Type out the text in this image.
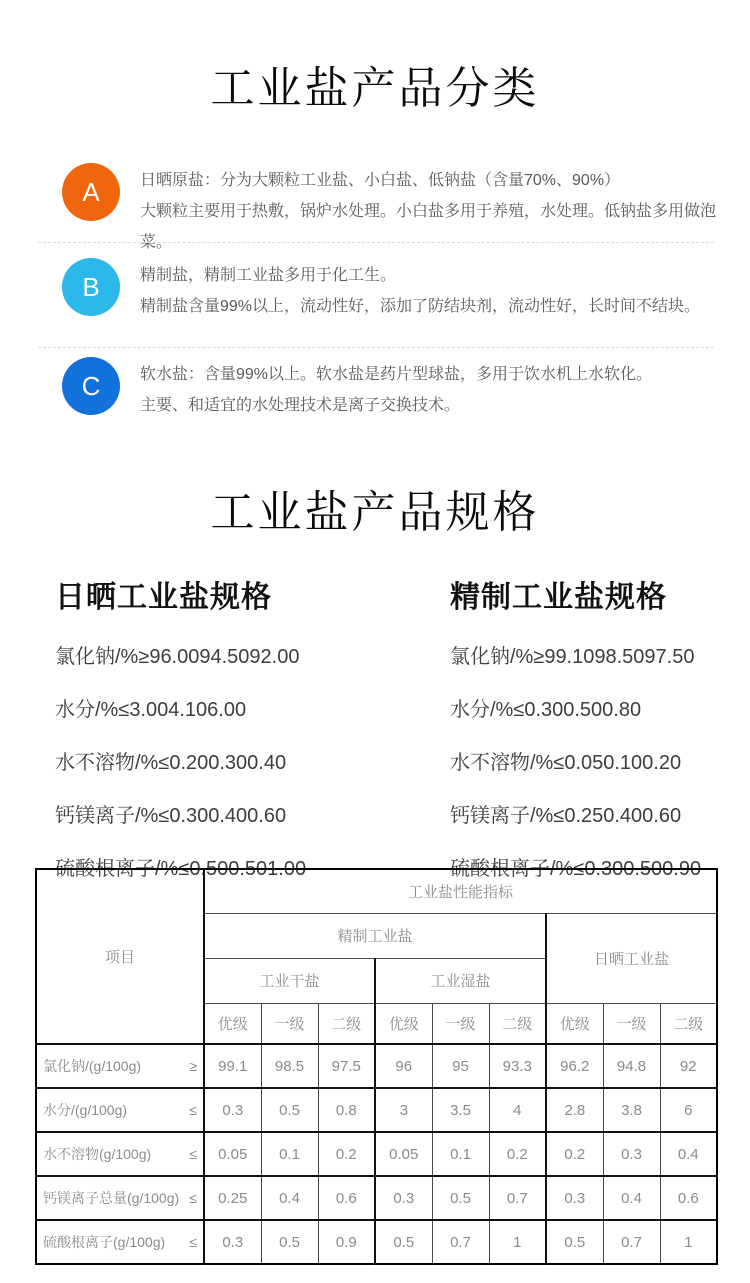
工业盐产品分类
A	日晒原盐：分为大颗粒工业盐、小白盐、低钠盐（含量70%、90%）
大颗粒主要用于热敷，锅炉水处理。小白盐多用于养殖，水处理。低钠盐多用做泡菜。
B	精制盐，精制工业盐多用于化工生。
精制盐含量99%以上，流动性好，添加了防结块剂，流动性好，长时间不结块。
C	软水盐：含量99%以上。软水盐是药片型球盐，多用于饮水机上水软化。
主要、和适宜的水处理技术是离子交换技术。
工业盐产品规格
日晒工业盐规格
氯化钠/%≥96.0094.5092.00
水分/%≤3.004.106.00
水不溶物/%≤0.200.300.40
钙镁离子/%≤0.300.400.60
硫酸根离子/%≤0.500.501.00
精制工业盐规格
氯化钠/%≥99.1098.5097.50
水分/%≤0.300.500.80
水不溶物/%≤0.050.100.20
钙镁离子/%≤0.250.400.60
硫酸根离子/%≤0.300.500.90
项目	工业盐性能指标								
	精制工业盐						日晒工业盐		
	工业干盐			工业湿盐					
	优级	一级	二级	优级	一级	二级	优级	一级	二级

氯化钠/(g/100g) ≥	99.1	98.5	97.5	96	95	93.3	96.2	94.8	92

水分/(g/100g) ≤	0.3	0.5	0.8	3	3.5	4	2.8	3.8	6

水不溶物(g/100g) ≤	0.05	0.1	0.2	0.05	0.1	0.2	0.2	0.3	0.4

钙镁离子总量(g/100g) ≤	0.25	0.4	0.6	0.3	0.5	0.7	0.3	0.4	0.6

硫酸根离子(g/100g) ≤	0.3	0.5	0.9	0.5	0.7	1	0.5	0.7	1
